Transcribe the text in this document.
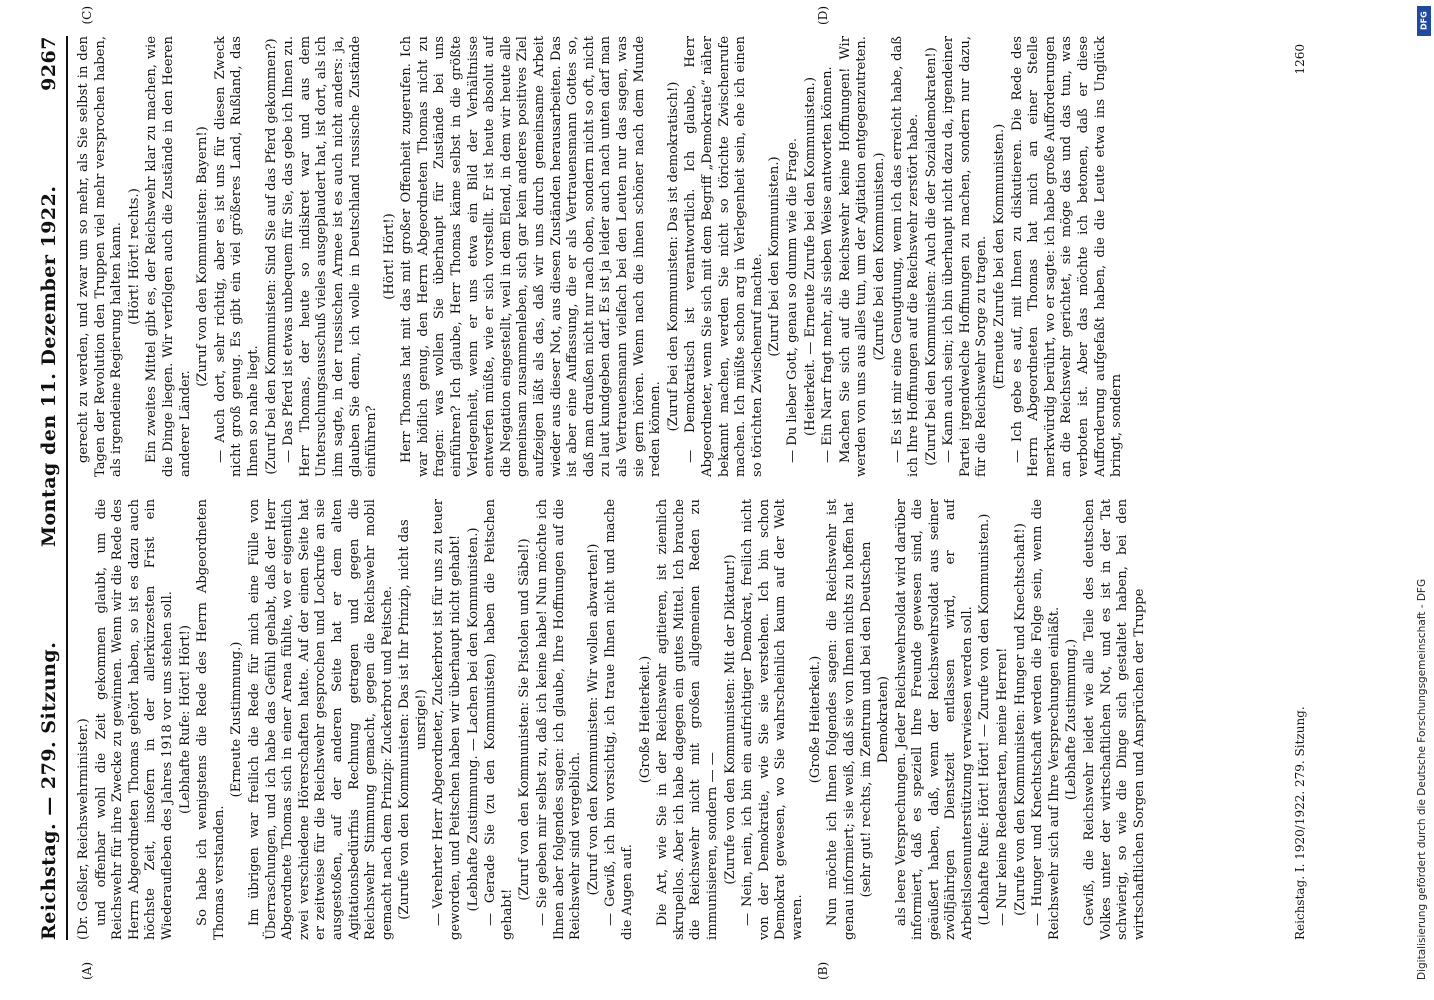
Reichstag. — 279. Sitzung.
Montag den 11. Dezember 1922.
9267

(Dr. Geßler, Reichswehrminister.) und offenbar wohl die Zeit gekommen glaubt, um die Reichswehr für ihre Zwecke zu gewinnen. Wenn wir die Rede des Herrn Abgeordneten Thomas gehört haben, so ist es dazu auch höchste Zeit, insofern in der allerkürzesten Frist ein Wiederaufleben des Jahres 1918 vor uns stehen soll. (Lebhafte Rufe: Hört! Hört!) So habe ich wenigstens die Rede des Herrn Abgeordneten Thomas verstanden.

(Erneute Zustimmung.) Im übrigen war freilich die Rede für mich eine Fülle von Überraschungen, und ich habe das Gefühl gehabt, daß der Herr Abgeordnete Thomas sich in einer Arena fühlte, wo er eigentlich zwei verschiedene Hörerschaften hatte. Auf der einen Seite hat er zeitweise für die Reichswehr gesprochen und Lockrufe an sie ausgestoßen, auf der anderen Seite hat er dem alten Agitationsbedürfnis Rechnung getragen und gegen die Reichswehr Stimmung gemacht, gegen die Reichswehr mobil gemacht nach dem Prinzip: Zuckerbrot und Peitsche. (Zurufe von den Kommunisten: Das ist Ihr Prinzip, nicht das unsrige!) — Verehrter Herr Abgeordneter, Zuckerbrot ist für uns zu teuer geworden, und Peitschen haben wir überhaupt nicht gehabt! (Lebhafte Zustimmung. — Lachen bei den Kommunisten.) — Gerade Sie (zu den Kommunisten) haben die Peitschen gehabt!

(Zuruf von den Kommunisten: Sie Pistolen und Säbel!) — Sie geben mir selbst zu, daß ich keine habe! Nun möchte ich Ihnen aber folgendes sagen: ich glaube, Ihre Hoffnungen auf die Reichswehr sind vergeblich. (Zuruf von den Kommunisten: Wir wollen abwarten!) — Gewiß, ich bin vorsichtig, ich traue Ihnen nicht und mache die Augen auf.

(Große Heiterkeit.) Die Art, wie Sie in der Reichswehr agitieren, ist ziemlich skrupellos. Aber ich habe dagegen ein gutes Mittel. Ich brauche die Reichswehr nicht mit großen allgemeinen Reden zu immunisieren, sondern — — (Zurufe von den Kommunisten: Mit der Diktatur!) — Nein, nein, ich bin ein aufrichtiger Demokrat, freilich nicht von der Demokratie, wie Sie sie verstehen. Ich bin schon Demokrat gewesen, wo Sie wahrscheinlich kaum auf der Welt waren.

(Große Heiterkeit.) Nun möchte ich Ihnen folgendes sagen: die Reichswehr ist genau informiert; sie weiß, daß sie von Ihnen nichts zu hoffen hat (sehr gut! rechts, im Zentrum und bei den Deutschen Demokraten) als leere Versprechungen. Jeder Reichswehrsoldat wird darüber informiert, daß es speziell Ihre Freunde gewesen sind, die geäußert haben, daß, wenn der Reichswehrsoldat aus seiner zwölfjährigen Dienstzeit entlassen wird, er auf Arbeitslosenunterstützung verwiesen werden soll. (Lebhafte Rufe: Hört! Hört! — Zurufe von den Kommunisten.) — Nur keine Redensarten, meine Herren! (Zurufe von den Kommunisten: Hunger und Knechtschaft!) — Hunger und Knechtschaft werden die Folge sein, wenn die Reichswehr sich auf Ihre Versprechungen einläßt. (Lebhafte Zustimmung.) Gewiß, die Reichswehr leidet wie alle Teile des deutschen Volkes unter der wirtschaftlichen Not, und es ist in der Tat schwierig, so wie die Dinge sich gestaltet haben, bei den wirtschaftlichen Sorgen und Ansprüchen der Truppe

gerecht zu werden, und zwar um so mehr, als Sie selbst in den Tagen der Revolution den Truppen viel mehr versprochen haben, als irgendeine Regierung halten kann. (Hört! Hört! rechts.) Ein zweites Mittel gibt es, der Reichswehr klar zu machen, wie die Dinge liegen. Wir verfolgen auch die Zustände in den Heeren anderer Länder.

(Zuruf von den Kommunisten: Bayern!) — Auch dort, sehr richtig, aber es ist uns für diesen Zweck nicht groß genug. Es gibt ein viel größeres Land, Rußland, das Ihnen so nahe liegt. (Zuruf bei den Kommunisten: Sind Sie auf das Pferd gekommen?) — Das Pferd ist etwas unbequem für Sie, das gebe ich Ihnen zu. Herr Thomas, der heute so indiskret war und aus dem Untersuchungsausschuß vieles ausgeplaudert hat, ist dort, als ich ihm sagte, in der russischen Armee ist es auch nicht anders: ja, glauben Sie denn, ich wolle in Deutschland russische Zustände einführen?

(Hört! Hört!) Herr Thomas hat mit das mit großer Offenheit zugerufen. Ich war höflich genug, den Herrn Abgeordneten Thomas nicht zu fragen: was wollen Sie überhaupt für Zustände bei uns einführen? Ich glaube, Herr Thomas käme selbst in die größte Verlegenheit, wenn er uns etwa ein Bild der Verhältnisse entwerfen müßte, wie er sich vorstellt. Er ist heute absolut auf die Negation eingestellt, weil in dem Elend, in dem wir heute alle gemeinsam zusammenleben, sich gar kein anderes positives Ziel aufzeigen läßt als das, daß wir uns durch gemeinsame Arbeit wieder aus dieser Not, aus diesen Zuständen herausarbeiten. Das ist aber eine Auffassung, die er als Vertrauensmann Gottes so, daß man draußen nicht nur nach oben, sondern nicht so oft, nicht zu laut kundgeben darf. Es ist ja leider auch nach unten darf man als Vertrauensmann vielfach bei den Leuten nur das sagen, was sie gern hören. Wenn nach die ihnen schöner nach dem Munde reden können. (Zuruf bei den Kommunisten: Das ist demokratisch!) — Demokratisch ist verantwortlich. Ich glaube, Herr Abgeordneter, wenn Sie sich mit dem Begriff „Demokratie“ näher bekannt machen, werden Sie nicht so törichte Zwischenrufe machen. Ich müßte schon arg in Verlegenheit sein, ehe ich einen so törichten Zwischenruf machte. (Zuruf bei den Kommunisten.) — Du lieber Gott, genau so dumm wie die Frage. (Heiterkeit. — Erneute Zurufe bei den Kommunisten.) — Ein Narr fragt mehr, als sieben Weise antworten können. Machen Sie sich auf die Reichswehr keine Hoffnungen! Wir werden von uns aus alles tun, um der Agitation entgegenzutreten. (Zurufe bei den Kommunisten.) — Es ist mir eine Genugtuung, wenn ich das erreicht habe, daß ich Ihre Hoffnungen auf die Reichswehr zerstört habe. (Zuruf bei den Kommunisten: Auch die der Sozialdemokraten!) — Kann auch sein; ich bin überhaupt nicht dazu da, irgendeiner Partei irgendwelche Hoffnungen zu machen, sondern nur dazu, für die Reichswehr Sorge zu tragen. (Erneute Zurufe bei den Kommunisten.) — Ich gebe es auf, mit Ihnen zu diskutieren. Die Rede des Herrn Abgeordneten Thomas hat mich an einer Stelle merkwürdig berührt, wo er sagte: ich habe große Aufforderungen an die Reichswehr gerichtet, sie möge das und das tun, was verboten ist. Aber das möchte ich betonen, daß er diese Aufforderung aufgefaßt haben, die die Leute etwa ins Unglück bringt, sondern

(A)	(B)
(C)	(D)
Reichstag. I. 1920/1922. 279. Sitzung.
1260
DFG
Digitalisierung gefördert durch die Deutsche Forschungsgemeinschaft - DFG
